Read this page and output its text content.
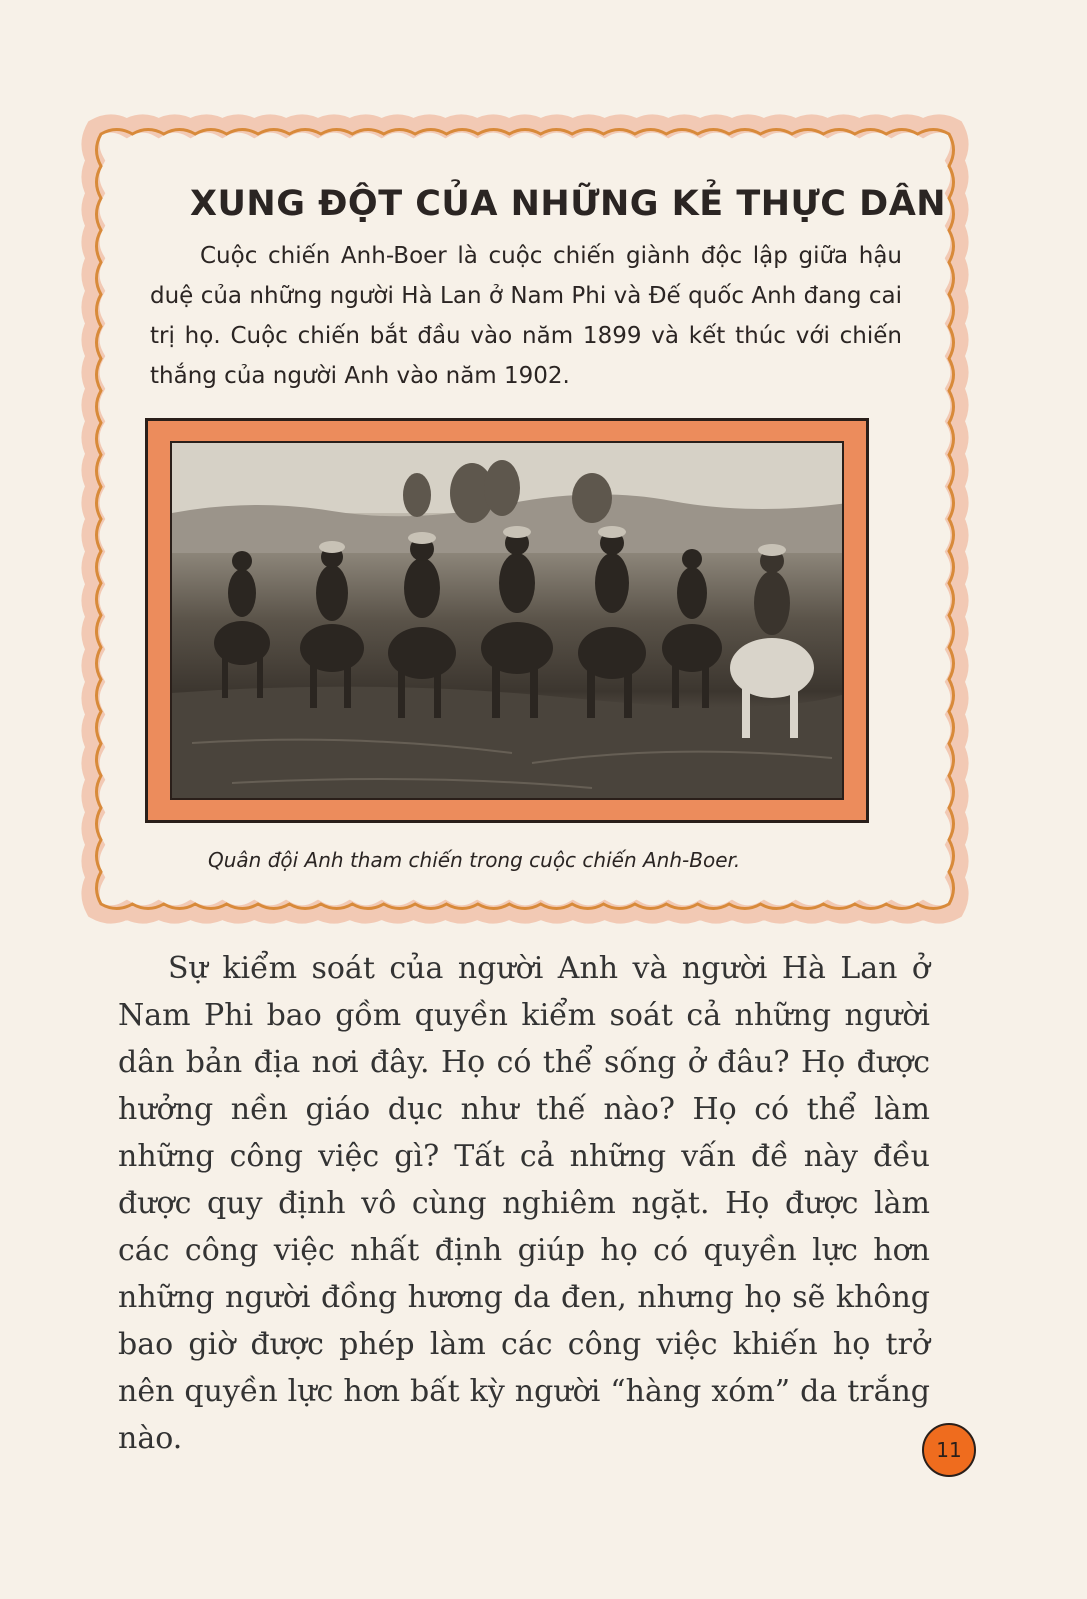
XUNG ĐỘT CỦA NHỮNG KẺ THỰC DÂN

Cuộc chiến Anh-Boer là cuộc chiến giành độc lập giữa hậu duệ của những người Hà Lan ở Nam Phi và Đế quốc Anh đang cai trị họ. Cuộc chiến bắt đầu vào năm 1899 và kết thúc với chiến thắng của người Anh vào năm 1902.

Quân đội Anh tham chiến trong cuộc chiến Anh-Boer.

Sự kiểm soát của người Anh và người Hà Lan ở Nam Phi bao gồm quyền kiểm soát cả những người dân bản địa nơi đây. Họ có thể sống ở đâu? Họ được hưởng nền giáo dục như thế nào? Họ có thể làm những công việc gì? Tất cả những vấn đề này đều được quy định vô cùng nghiêm ngặt. Họ được làm các công việc nhất định giúp họ có quyền lực hơn những người đồng hương da đen, nhưng họ sẽ không bao giờ được phép làm các công việc khiến họ trở nên quyền lực hơn bất kỳ người “hàng xóm” da trắng nào.	11
